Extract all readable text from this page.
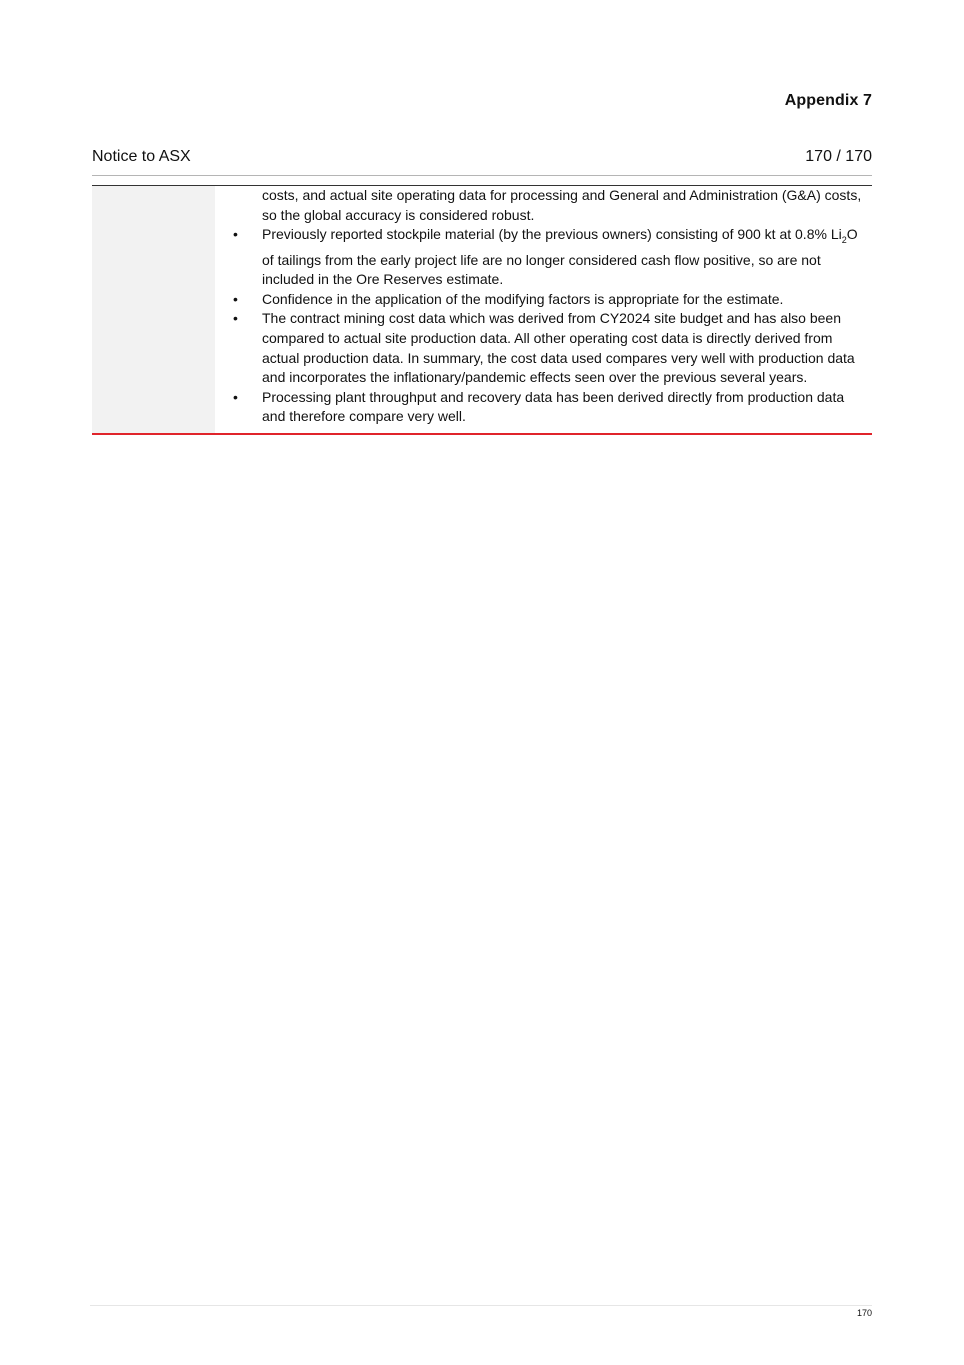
Appendix 7
Notice to ASX	170 / 170

costs, and actual site operating data for processing and General and Administration (G&A) costs, so the global accuracy is considered robust.

• Previously reported stockpile material (by the previous owners) consisting of 900 kt at 0.8% $Li_2O$ of tailings from the early project life are no longer considered cash flow positive, so are not included in the Ore Reserves estimate.
• Confidence in the application of the modifying factors is appropriate for the estimate.
• The contract mining cost data which was derived from CY2024 site budget and has also been compared to actual site production data. All other operating cost data is directly derived from actual production data. In summary, the cost data used compares very well with production data and incorporates the inflationary/pandemic effects seen over the previous several years.
• Processing plant throughput and recovery data has been derived directly from production data and therefore compare very well.
170
